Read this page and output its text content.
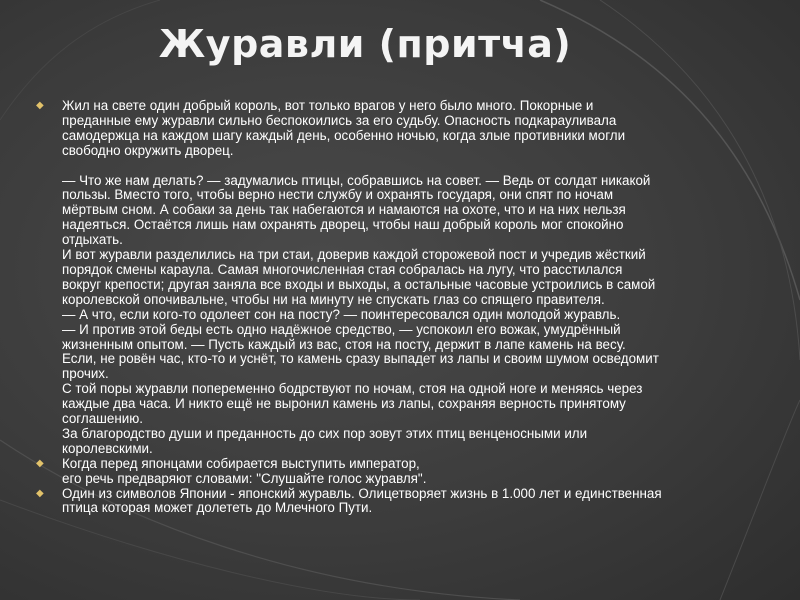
Журавли (притча)
◆	Жил на свете один добрый король, вот только врагов у него было много. Покорные и
преданные ему журавли сильно беспокоились за его судьбу. Опасность подкарауливала
самодержца на каждом шагу каждый день, особенно ночью, когда злые противники могли
свободно окружить дворец.

— Что же нам делать? — задумались птицы, собравшись на совет. — Ведь от солдат никакой
пользы. Вместо того, чтобы верно нести службу и охранять государя, они спят по ночам
мёртвым сном. А собаки за день так набегаются и намаются на охоте, что и на них нельзя
надеяться. Остаётся лишь нам охранять дворец, чтобы наш добрый король мог спокойно
отдыхать.
И вот журавли разделились на три стаи, доверив каждой сторожевой пост и учредив жёсткий
порядок смены караула. Самая многочисленная стая собралась на лугу, что расстилался
вокруг крепости; другая заняла все входы и выходы, а остальные часовые устроились в самой
королевской опочивальне, чтобы ни на минуту не спускать глаз со спящего правителя.
— А что, если кого-то одолеет сон на посту? — поинтересовался один молодой журавль.
— И против этой беды есть одно надёжное средство, — успокоил его вожак, умудрённый
жизненным опытом. — Пусть каждый из вас, стоя на посту, держит в лапе камень на весу.
Если, не ровён час, кто-то и уснёт, то камень сразу выпадет из лапы и своим шумом осведомит
прочих.
С той поры журавли попеременно бодрствуют по ночам, стоя на одной ноге и меняясь через
каждые два часа. И никто ещё не выронил камень из лапы, сохраняя верность принятому
соглашению.
За благородство души и преданность до сих пор зовут этих птиц венценосными или
королевскими.
◆	Когда перед японцами собирается выступить император,
его речь предваряют словами: "Слушайте голос журавля".
◆	Один из символов Японии - японский журавль. Олицетворяет жизнь в 1.000 лет и единственная
птица которая может долететь до Млечного Пути.
